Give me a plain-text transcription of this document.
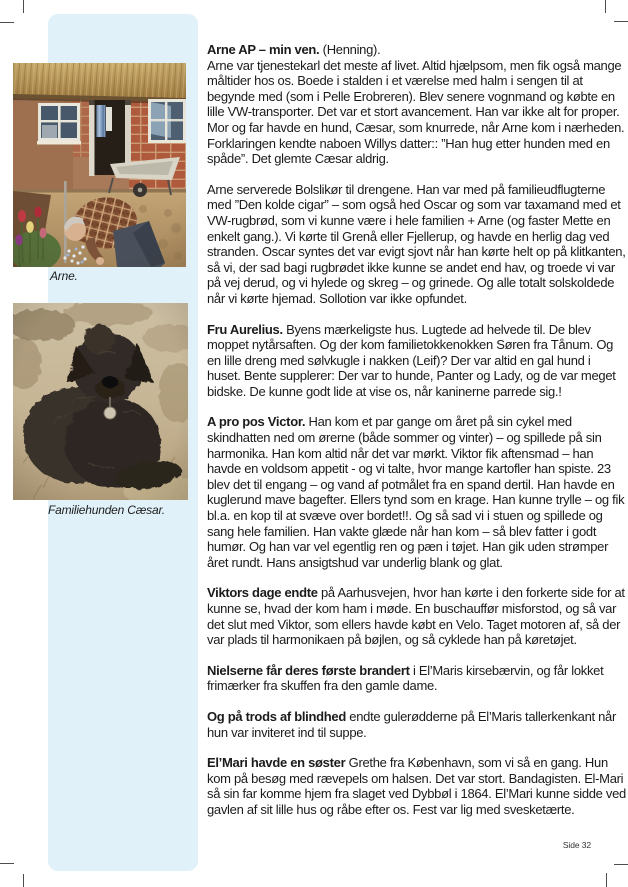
Arne.
Familiehunden Cæsar.

Arne AP – min ven. (Henning).
Arne var tjenestekarl det meste af livet. Altid hjælpsom, men fik også mange måltider hos os. Boede i stalden i et værelse med halm i sengen til at begynde med (som i Pelle Erobreren). Blev senere vognmand og købte en lille VW-transporter. Det var et stort avancement. Han var ikke alt for proper. Mor og far havde en hund, Cæsar, som knurrede, når Arne kom i nærheden. Forklaringen kendte naboen Willys datter:: ”Han hug etter hunden med en spåde”. Det glemte Cæsar aldrig.

Arne serverede Bolslikør til drengene. Han var med på familieudflugterne med ”Den kolde cigar” – som også hed Oscar og som var taxamand med et VW-rugbrød, som vi kunne være i hele familien + Arne (og faster Mette en enkelt gang.). Vi kørte til Grenå eller Fjellerup, og havde en herlig dag ved stranden. Oscar syntes det var evigt sjovt når han kørte helt op på klitkanten, så vi, der sad bagi rugbrødet ikke kunne se andet end hav, og troede vi var på vej derud, og vi hylede og skreg – og grinede. Og alle totalt solskoldede når vi kørte hjemad. Sollotion var ikke opfundet.

Fru Aurelius. Byens mærkeligste hus. Lugtede ad helvede til. De blev moppet nytårsaften. Og der kom familietokkenokken Søren fra Tånum. Og en lille dreng med sølvkugle i nakken (Leif)? Der var altid en gal hund i huset. Bente supplerer: Der var to hunde, Panter og Lady, og de var meget bidske. De kunne godt lide at vise os, når kaninerne parrede sig.!

A pro pos Victor. Han kom et par gange om året på sin cykel med skindhatten ned om ørerne (både sommer og vinter) – og spillede på sin harmonika. Han kom altid når det var mørkt. Viktor fik aftensmad – han havde en voldsom appetit - og vi talte, hvor mange kartofler han spiste. 23 blev det til engang – og vand af potmålet fra en spand dertil. Han havde en kuglerund mave bagefter. Ellers tynd som en krage. Han kunne trylle – og fik bl.a. en kop til at svæve over bordet!!. Og så sad vi i stuen og spillede og sang hele familien. Han vakte glæde når han kom – så blev fatter i godt humør. Og han var vel egentlig ren og pæn i tøjet. Han gik uden strømper året rundt. Hans ansigtshud var underlig blank og glat.

Viktors dage endte på Aarhusvejen, hvor han kørte i den forkerte side for at kunne se, hvad der kom ham i møde. En buschauffør misforstod, og så var det slut med Viktor, som ellers havde købt en Velo. Taget motoren af, så der var plads til harmonikaen på bøjlen, og så cyklede han på køretøjet.

Nielserne får deres første brandert i El’Maris kirsebærvin, og får lokket frimærker fra skuffen fra den gamle dame.

Og på trods af blindhed endte gulerødderne på El’Maris tallerkenkant når hun var inviteret ind til suppe.

El’Mari havde en søster Grethe fra København, som vi så en gang. Hun kom på besøg med rævepels om halsen. Det var stort. Bandagisten. El-Mari så sin far komme hjem fra slaget ved Dybbøl i 1864. El’Mari kunne sidde ved gavlen af sit lille hus og råbe efter os. Fest var lig med svesketærte.

Side 32
